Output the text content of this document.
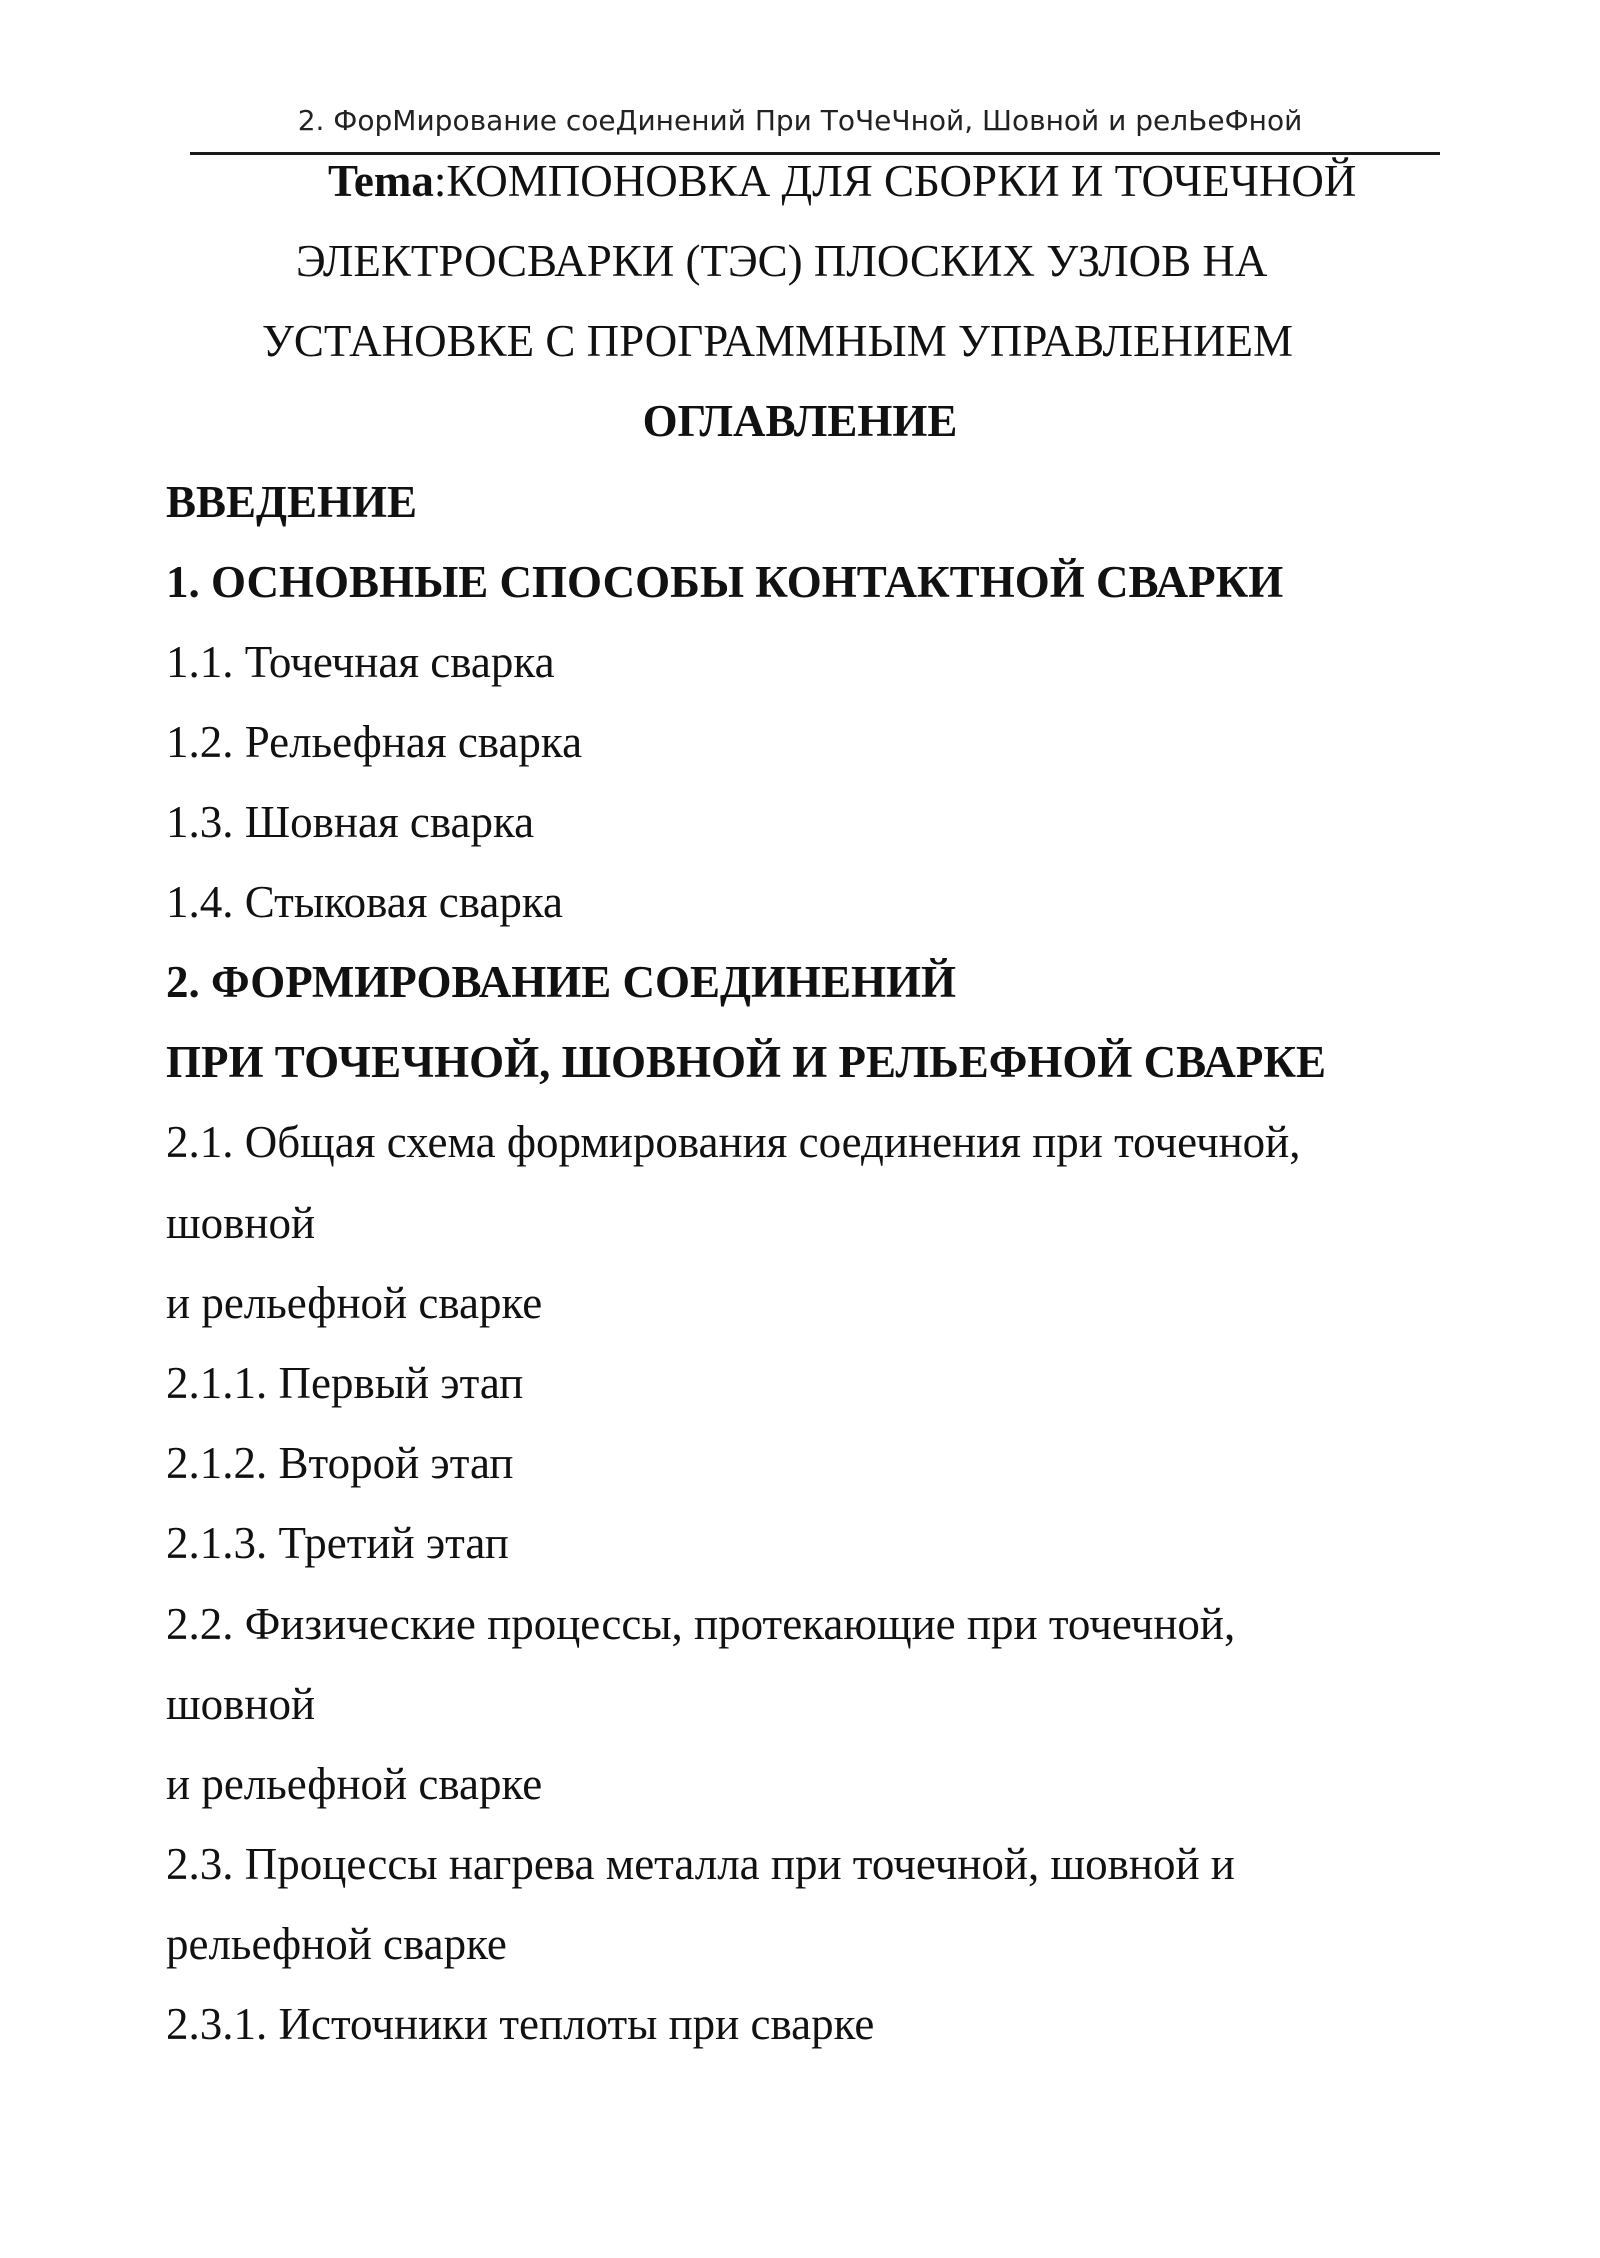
2. ФорМирование соеДинений При ТоЧеЧной, Шовной и релЬеФной
Tema:КОМПОНОВКА ДЛЯ СБОРКИ И ТОЧЕЧНОЙ
ЭЛЕКТРОСВАРКИ (ТЭС) ПЛОСКИХ УЗЛОВ НА
УСТАНОВКЕ С ПРОГРАММНЫМ УПРАВЛЕНИЕМ
ОГЛАВЛЕНИЕ
ВВЕДЕНИЕ
1. ОСНОВНЫЕ СПОСОБЫ КОНТАКТНОЙ СВАРКИ
1.1. Точечная сварка
1.2. Рельефная сварка
1.3. Шовная сварка
1.4. Стыковая сварка
2. ФОРМИРОВАНИЕ СОЕДИНЕНИЙ
ПРИ ТОЧЕЧНОЙ, ШОВНОЙ И РЕЛЬЕФНОЙ СВАРКЕ
2.1. Общая схема формирования соединения при точечной,
шовной
и рельефной сварке
2.1.1. Первый этап
2.1.2. Второй этап
2.1.3. Третий этап
2.2. Физические процессы, протекающие при точечной,
шовной
и рельефной сварке
2.3. Процессы нагрева металла при точечной, шовной и
рельефной сварке
2.3.1. Источники теплоты при сварке
